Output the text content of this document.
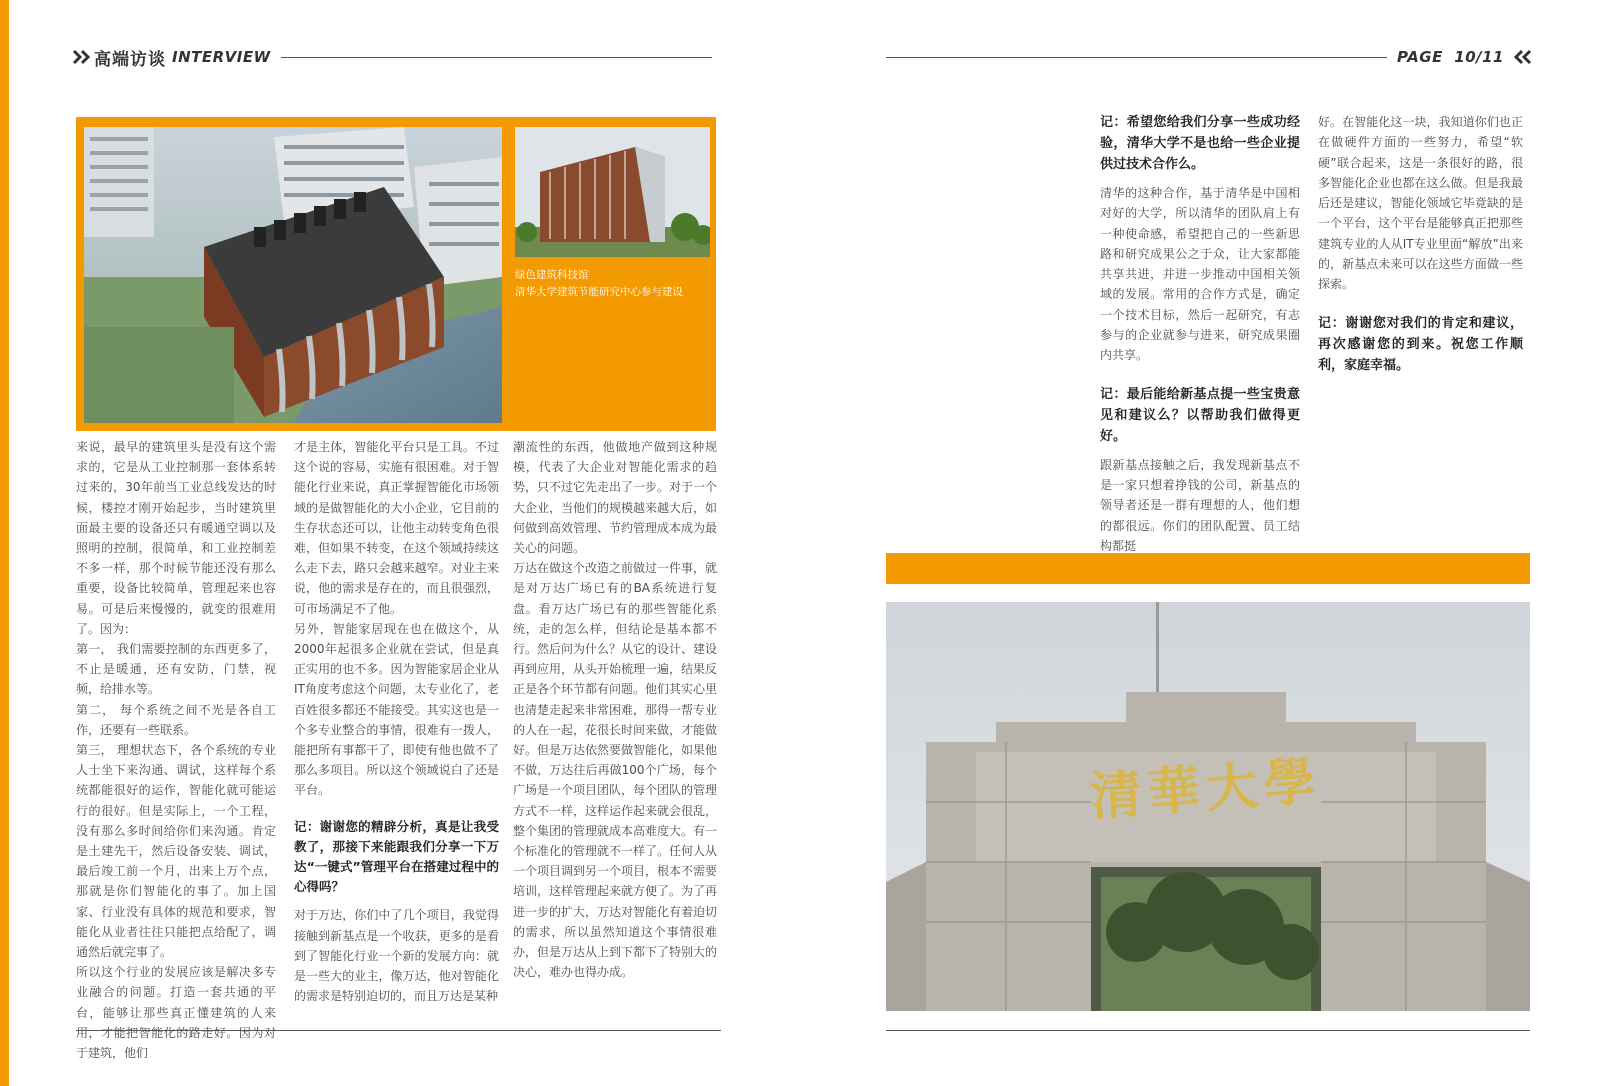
高端访谈 INTERVIEW	PAGE  10/11
绿色建筑科技馆
清华大学建筑节能研究中心参与建设

来说，最早的建筑里头是没有这个需求的，它是从工业控制那一套体系转过来的，30年前当工业总线发达的时候，楼控才刚开始起步，当时建筑里面最主要的设备还只有暖通空调以及照明的控制，很简单，和工业控制差不多一样，那个时候节能还没有那么重要，设备比较简单，管理起来也容易。可是后来慢慢的，就变的很难用了。因为：

第一， 我们需要控制的东西更多了，不止是暖通，还有安防，门禁，视频，给排水等。

第二， 每个系统之间不光是各自工作，还要有一些联系。

第三， 理想状态下，各个系统的专业人士坐下来沟通、调试，这样每个系统都能很好的运作，智能化就可能运行的很好。但是实际上，一个工程，没有那么多时间给你们来沟通。肯定是土建先干，然后设备安装、调试，最后竣工前一个月，出来上万个点，那就是你们智能化的事了。加上国家、行业没有具体的规范和要求，智能化从业者往往只能把点给配了，调通然后就完事了。

所以这个行业的发展应该是解决多专业融合的问题。打造一套共通的平台，能够让那些真正懂建筑的人来用，才能把智能化的路走好。因为对于建筑，他们

才是主体，智能化平台只是工具。不过这个说的容易，实施有很困难。对于智能化行业来说，真正掌握智能化市场领域的是做智能化的大小企业，它目前的生存状态还可以，让他主动转变角色很难，但如果不转变，在这个领域持续这么走下去，路只会越来越窄。对业主来说，他的需求是存在的，而且很强烈，可市场满足不了他。

另外，智能家居现在也在做这个，从2000年起很多企业就在尝试，但是真正实用的也不多。因为智能家居企业从IT角度考虑这个问题，太专业化了，老百姓很多都还不能接受。其实这也是一个多专业整合的事情，很难有一拨人，能把所有事都干了，即使有他也做不了那么多项目。所以这个领域说白了还是平台。

记：谢谢您的精辟分析，真是让我受教了，那接下来能跟我们分享一下万达“一键式”管理平台在搭建过程中的心得吗？

对于万达，你们中了几个项目，我觉得接触到新基点是一个收获，更多的是看到了智能化行业一个新的发展方向：就是一些大的业主，像万达，他对智能化的需求是特别迫切的，而且万达是某种

潮流性的东西，他做地产做到这种规模，代表了大企业对智能化需求的趋势，只不过它先走出了一步。对于一个大企业，当他们的规模越来越大后，如何做到高效管理、节约管理成本成为最关心的问题。

万达在做这个改造之前做过一件事，就是对万达广场已有的BA系统进行复盘。看万达广场已有的那些智能化系统，走的怎么样，但结论是基本都不行。然后问为什么？从它的设计、建设再到应用，从头开始梳理一遍，结果反正是各个环节都有问题。他们其实心里也清楚走起来非常困难，那得一帮专业的人在一起，花很长时间来做，才能做好。但是万达依然要做智能化，如果他不做，万达往后再做100个广场，每个广场是一个项目团队，每个团队的管理方式不一样，这样运作起来就会很乱，整个集团的管理就成本高难度大。有一个标准化的管理就不一样了。任何人从一个项目调到另一个项目，根本不需要培训，这样管理起来就方便了。为了再进一步的扩大，万达对智能化有着迫切的需求，所以虽然知道这个事情很难办，但是万达从上到下都下了特别大的决心，难办也得办成。

记：希望您给我们分享一些成功经验，清华大学不是也给一些企业提供过技术合作么。

清华的这种合作，基于清华是中国相对好的大学，所以清华的团队肩上有一种使命感，希望把自己的一些新思路和研究成果公之于众，让大家都能共享共进，并进一步推动中国相关领域的发展。常用的合作方式是，确定一个技术目标，然后一起研究，有志参与的企业就参与进来，研究成果圈内共享。

记：最后能给新基点提一些宝贵意见和建议么？以帮助我们做得更好。

跟新基点接触之后，我发现新基点不是一家只想着挣钱的公司，新基点的领导者还是一群有理想的人，他们想的都很远。你们的团队配置、员工结构都挺

好。在智能化这一块，我知道你们也正在做硬件方面的一些努力，希望“软硬”联合起来，这是一条很好的路，很多智能化企业也都在这么做。但是我最后还是建议，智能化领域它毕竟缺的是一个平台，这个平台是能够真正把那些建筑专业的人从IT专业里面“解放”出来的，新基点未来可以在这些方面做一些探索。

记：谢谢您对我们的肯定和建议，再次感谢您的到来。祝您工作顺利，家庭幸福。

清華大學
